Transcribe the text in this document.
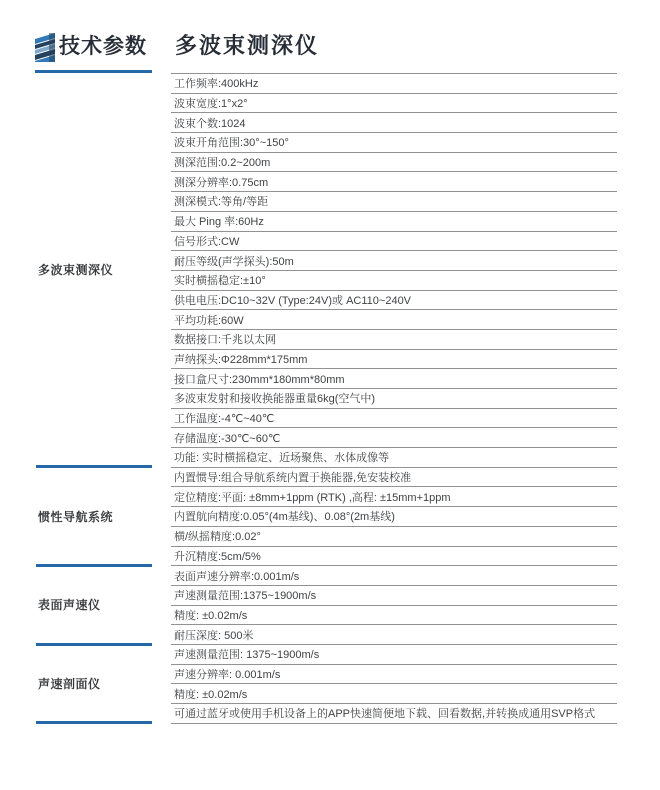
技术参数 多波束测深仪
多波束测深仪
惯性导航系统
表面声速仪
声速剖面仪
工作频率:400kHz
波束宽度:1°x2°
波束个数:1024
波束开角范围:30°~150°
测深范围:0.2~200m
测深分辨率:0.75cm
测深模式:等角/等距
最大 Ping 率:60Hz
信号形式:CW
耐压等级(声学探头):50m
实时横摇稳定:±10°
供电电压:DC10~32V (Type:24V)或 AC110~240V
平均功耗:60W
数据接口:千兆以太网
声纳探头:Φ228mm*175mm
接口盒尺寸:230mm*180mm*80mm
多波束发射和接收换能器重量6kg(空气中)
工作温度:-4℃~40℃
存储温度:-30℃~60℃
功能: 实时横摇稳定、近场聚焦、水体成像等
内置惯导:组合导航系统内置于换能器,免安装校准
定位精度:平面: ±8mm+1ppm (RTK) ,高程: ±15mm+1ppm
内置航向精度:0.05°(4m基线)、0.08°(2m基线)
横/纵摇精度:0.02°
升沉精度:5cm/5%
表面声速分辨率:0.001m/s
声速测量范围:1375~1900m/s
精度: ±0.02m/s
耐压深度: 500米
声速测量范围: 1375~1900m/s
声速分辨率: 0.001m/s
精度: ±0.02m/s
可通过蓝牙或使用手机设备上的APP快速简便地下载、回看数据,并转换成通用SVP格式
